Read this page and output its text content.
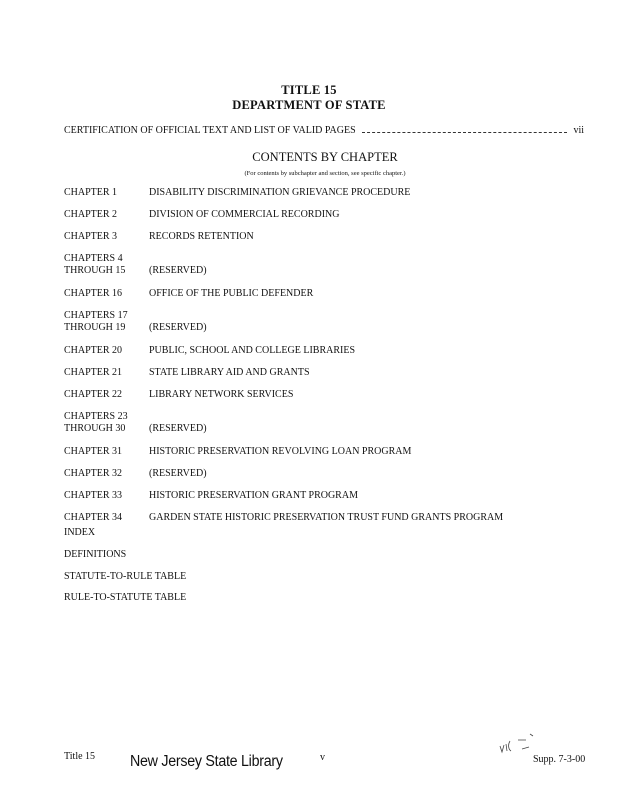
TITLE 15
DEPARTMENT OF STATE
CERTIFICATION OF OFFICIAL TEXT AND LIST OF VALID PAGES	vii
CONTENTS BY CHAPTER
(For contents by subchapter and section, see specific chapter.)
CHAPTER 1	DISABILITY DISCRIMINATION GRIEVANCE PROCEDURE
CHAPTER 2	DIVISION OF COMMERCIAL RECORDING
CHAPTER 3	RECORDS RETENTION
CHAPTERS 4
THROUGH 15	(RESERVED)
CHAPTER 16	OFFICE OF THE PUBLIC DEFENDER
CHAPTERS 17
THROUGH 19	(RESERVED)
CHAPTER 20	PUBLIC, SCHOOL AND COLLEGE LIBRARIES
CHAPTER 21	STATE LIBRARY AID AND GRANTS
CHAPTER 22	LIBRARY NETWORK SERVICES
CHAPTERS 23
THROUGH 30	(RESERVED)
CHAPTER 31	HISTORIC PRESERVATION REVOLVING LOAN PROGRAM
CHAPTER 32	(RESERVED)
CHAPTER 33	HISTORIC PRESERVATION GRANT PROGRAM
CHAPTER 34	GARDEN STATE HISTORIC PRESERVATION TRUST FUND GRANTS PROGRAM
INDEX
DEFINITIONS
STATUTE-TO-RULE TABLE
RULE-TO-STATUTE TABLE
Title 15 New Jersey State Library	v	Supp. 7-3-00
